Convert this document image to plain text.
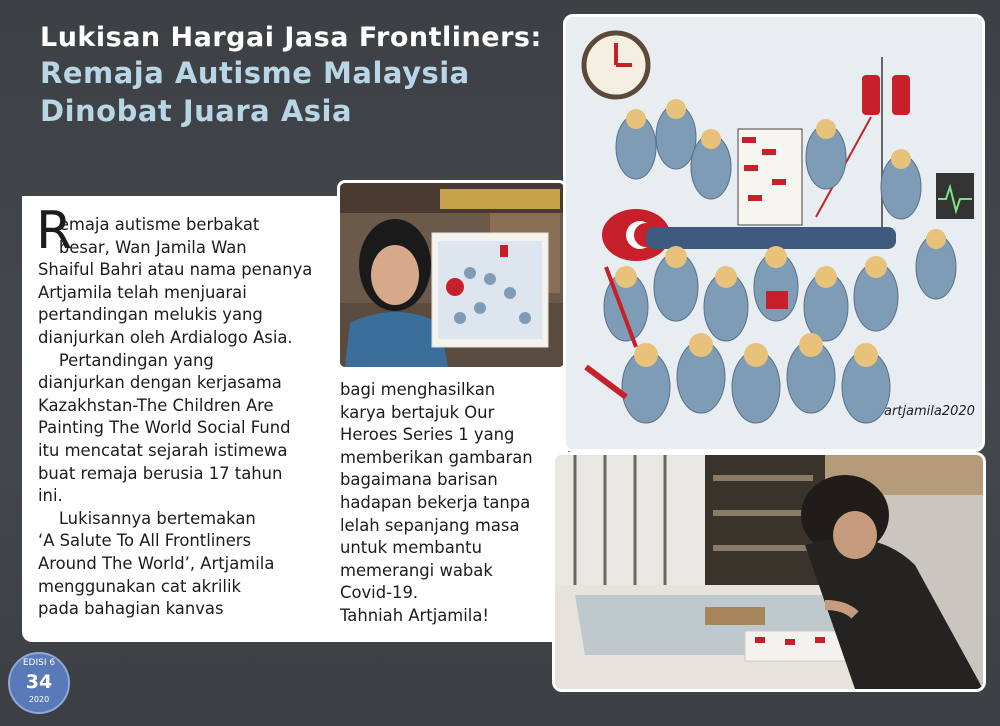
Lukisan Hargai Jasa Frontliners:
Remaja Autisme Malaysia
Dinobat Juara Asia
R

emaja autisme berbakat
besar, Wan Jamila Wan
Shaiful Bahri atau nama penanya
Artjamila telah menjuarai
pertandingan melukis yang
dianjurkan oleh Ardialogo Asia.
Pertandingan yang
dianjurkan dengan kerjasama
Kazakhstan-The Children Are
Painting The World Social Fund
itu mencatat sejarah istimewa
buat remaja berusia 17 tahun
ini.
Lukisannya bertemakan
‘A Salute To All Frontliners
Around The World’, Artjamila
menggunakan cat akrilik
pada bahagian kanvas

bagi menghasilkan
karya bertajuk Our
Heroes Series 1 yang
memberikan gambaran
bagaimana barisan
hadapan bekerja tanpa
lelah sepanjang masa
untuk membantu
memerangi wabak
Covid-19.
Tahniah Artjamila!

artjamila2020
EDISI 6
34
2020
